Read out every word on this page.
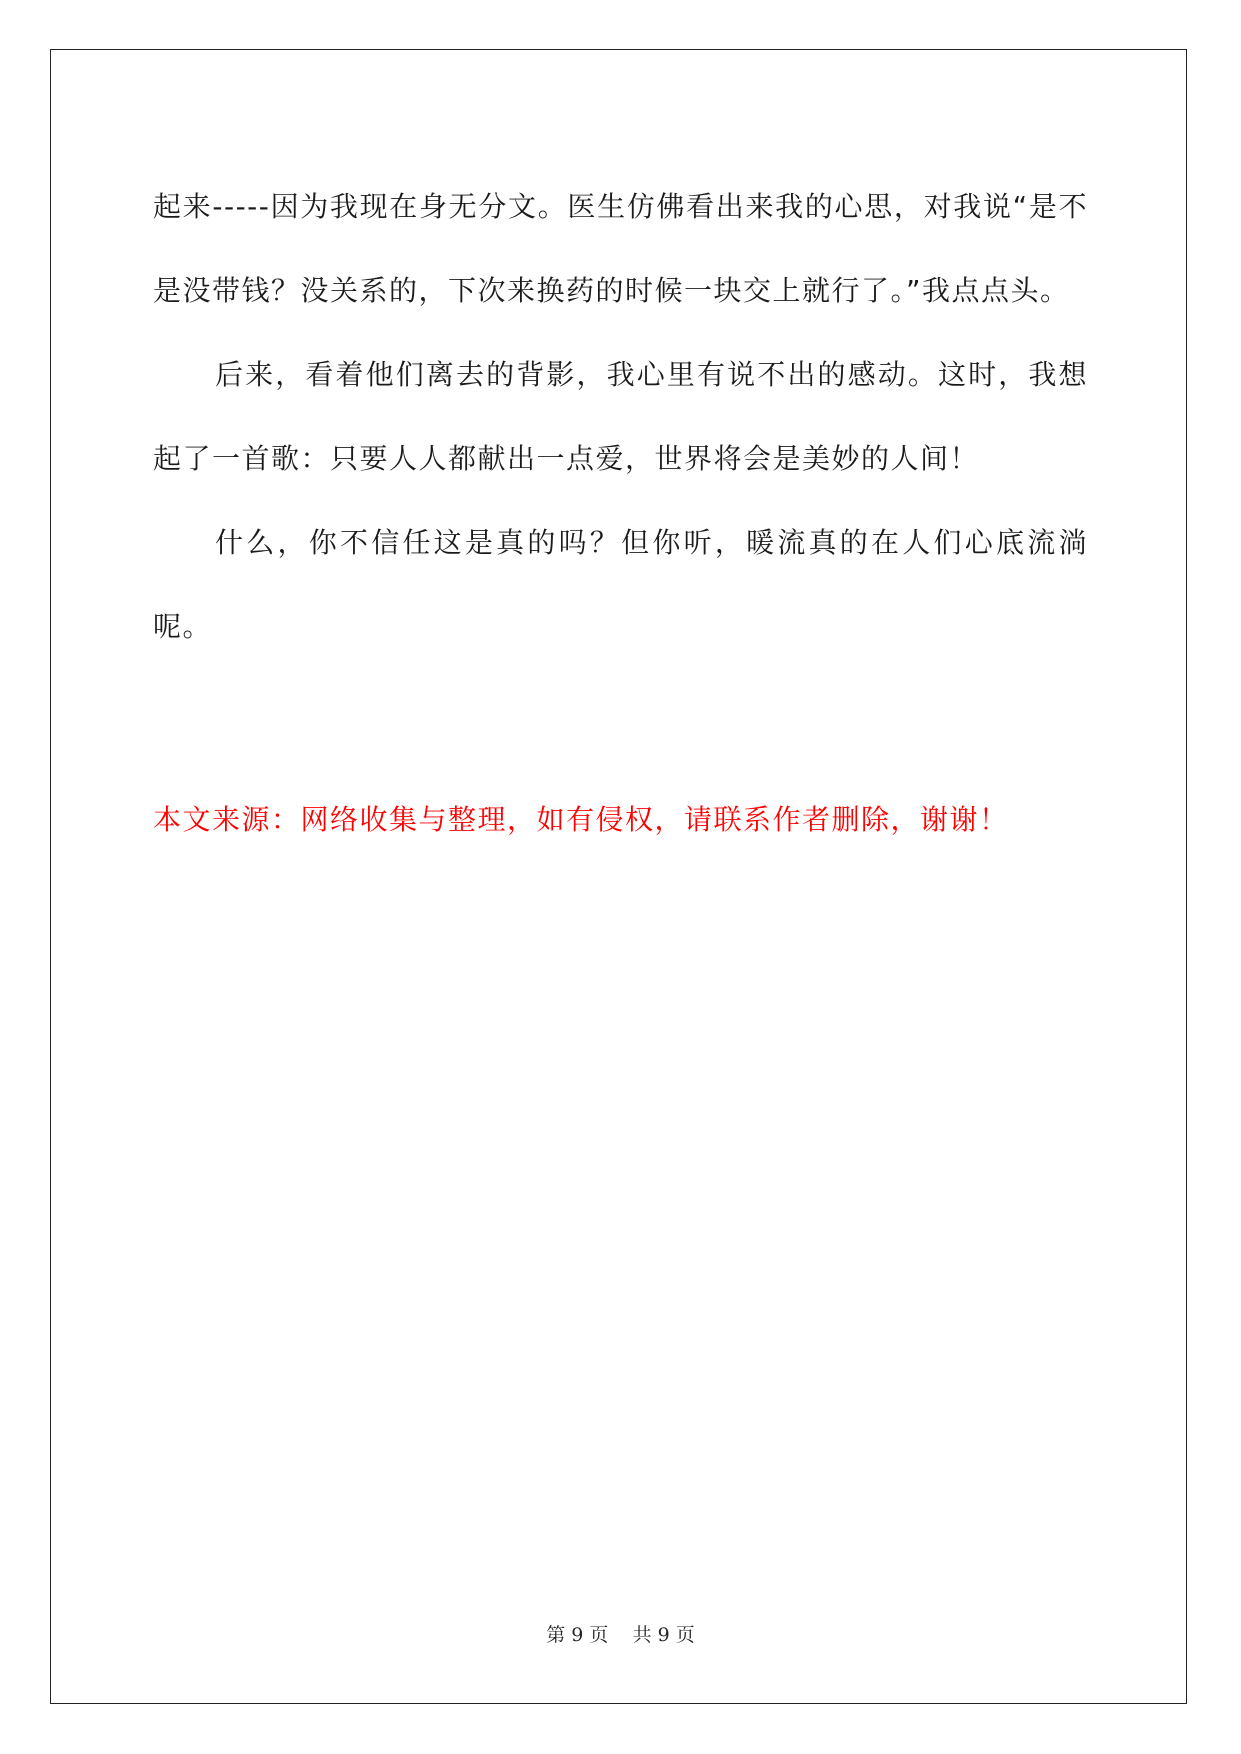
起来-----因为我现在身无分文。医生仿佛看出来我的心思，对我说“是不是没带钱？没关系的，下次来换药的时候一块交上就行了。”我点点头。

后来，看着他们离去的背影，我心里有说不出的感动。这时，我想起了一首歌：只要人人都献出一点爱，世界将会是美妙的人间！

什么，你不信任这是真的吗？但你听，暖流真的在人们心底流淌呢。

本文来源：网络收集与整理，如有侵权，请联系作者删除，谢谢！
第 9 页    共 9 页
